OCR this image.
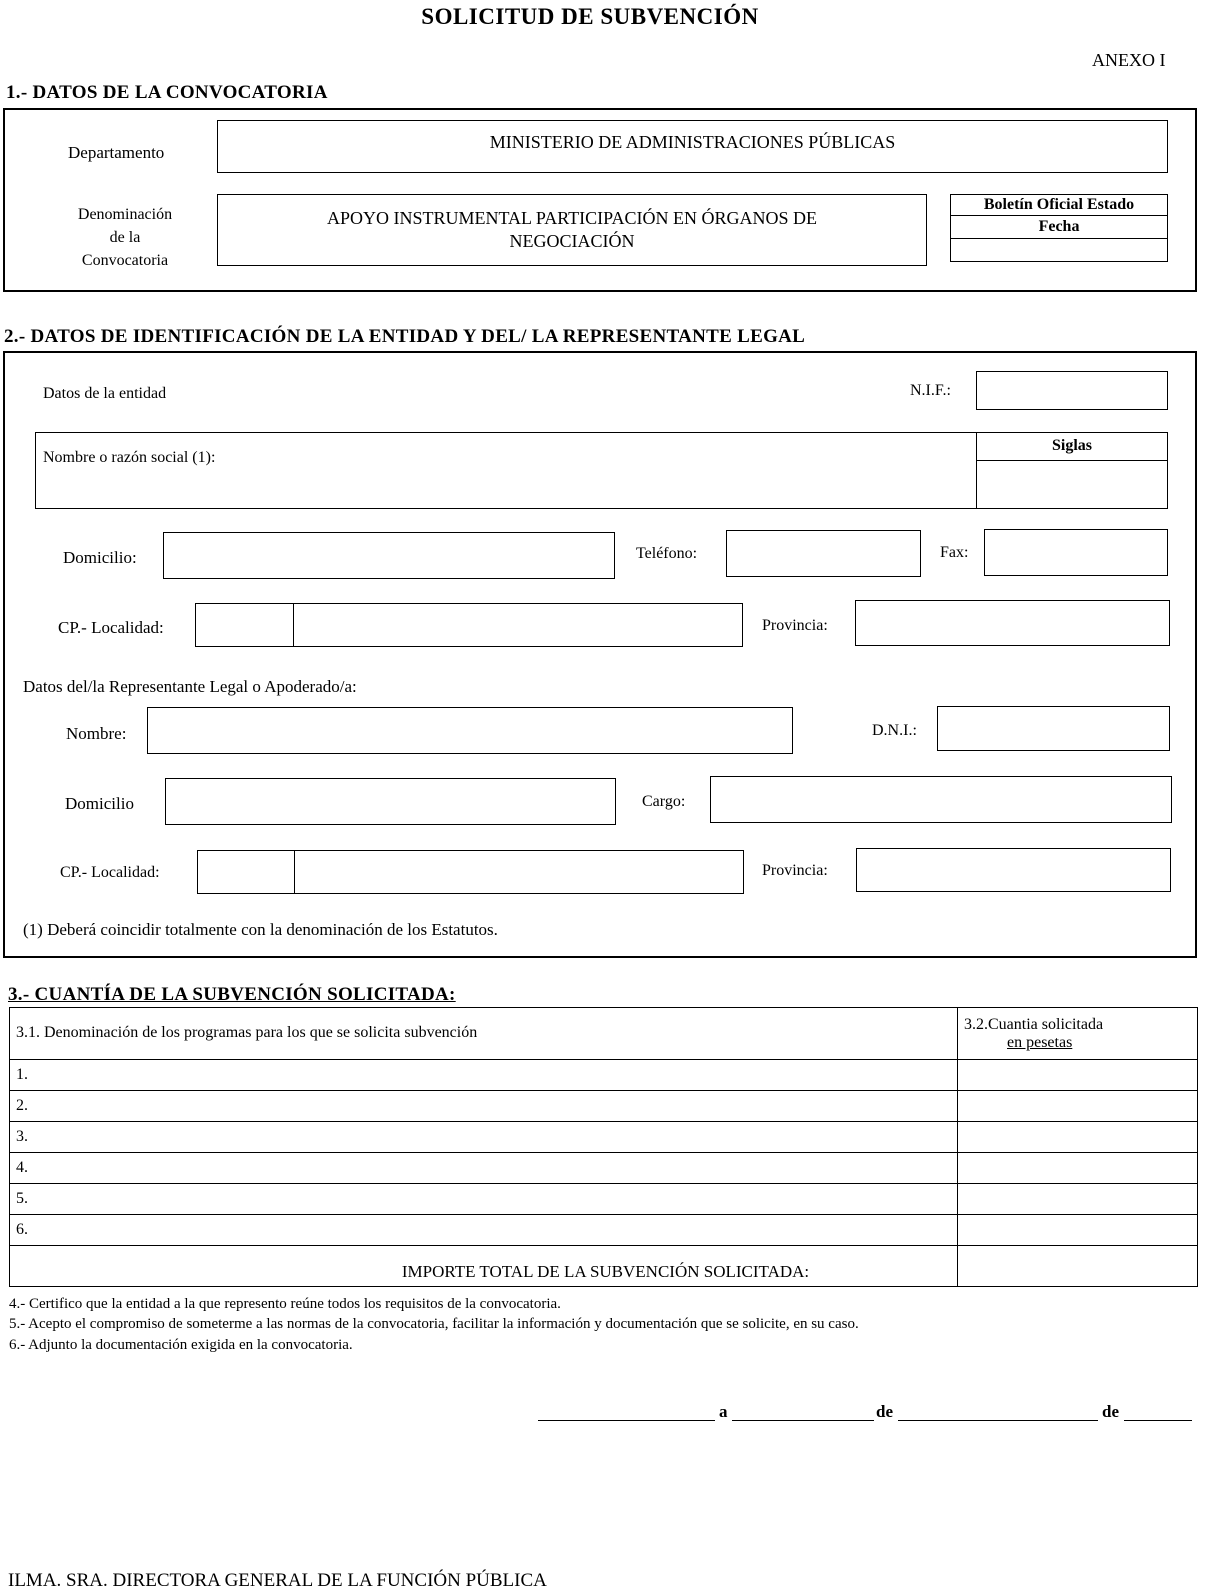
SOLICITUD DE SUBVENCIÓN
ANEXO I
1.- DATOS DE LA CONVOCATORIA
Departamento
MINISTERIO DE ADMINISTRACIONES PÚBLICAS
Denominación
de la
Convocatoria
APOYO INSTRUMENTAL PARTICIPACIÓN EN ÓRGANOS DE
NEGOCIACIÓN
Boletín Oficial Estado
Fecha
2.- DATOS DE IDENTIFICACIÓN DE LA ENTIDAD Y DEL/ LA REPRESENTANTE LEGAL
Datos de la entidad	N.I.F.:
Nombre o razón social (1):
Siglas
Domicilio:	Teléfono:	Fax:
CP.- Localidad:	Provincia:
Datos del/la Representante Legal o Apoderado/a:
Nombre:	D.N.I.:
Domicilio	Cargo:
CP.- Localidad:	Provincia:
(1) Deberá coincidir totalmente con la denominación de los Estatutos.
3.- CUANTÍA DE LA SUBVENCIÓN SOLICITADA:
3.1. Denominación de los programas para los que se solicita subvención	3.2.Cuantia solicitada
en pesetas

1.	
2.	
3.	
4.	
5.	
6.	
IMPORTE TOTAL DE LA SUBVENCIÓN SOLICITADA:	
4.- Certifico que la entidad a la que represento reúne todos los requisitos de la convocatoria.
5.- Acepto el compromiso de someterme a las normas de la convocatoria, facilitar la información y documentación que se solicite, en su caso.
6.- Adjunto la documentación exigida en la convocatoria.
a	de	de
ILMA. SRA. DIRECTORA GENERAL DE LA FUNCIÓN PÚBLICA
